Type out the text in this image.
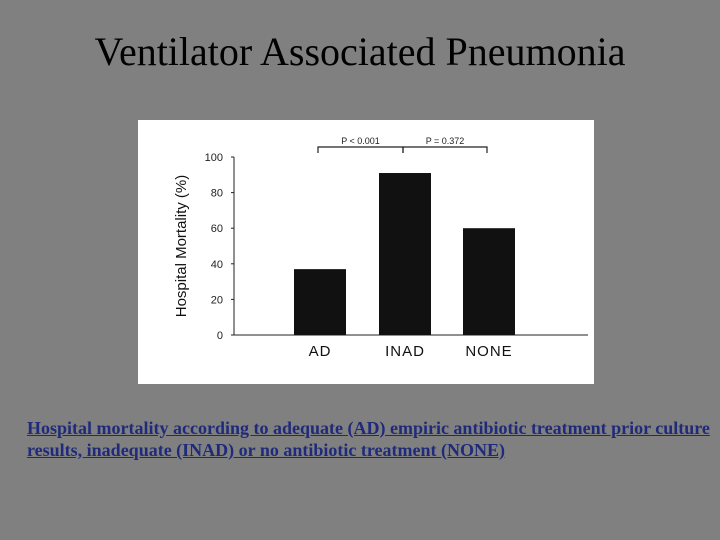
Ventilator Associated Pneumonia
0
20
40
60
80
100
Hospital Mortality (%)
AD	INAD	NONE
P < 0.001	P = 0.372
Hospital mortality according to adequate (AD) empiric antibiotic treatment prior culture results, inadequate (INAD) or no antibiotic treatment (NONE)
